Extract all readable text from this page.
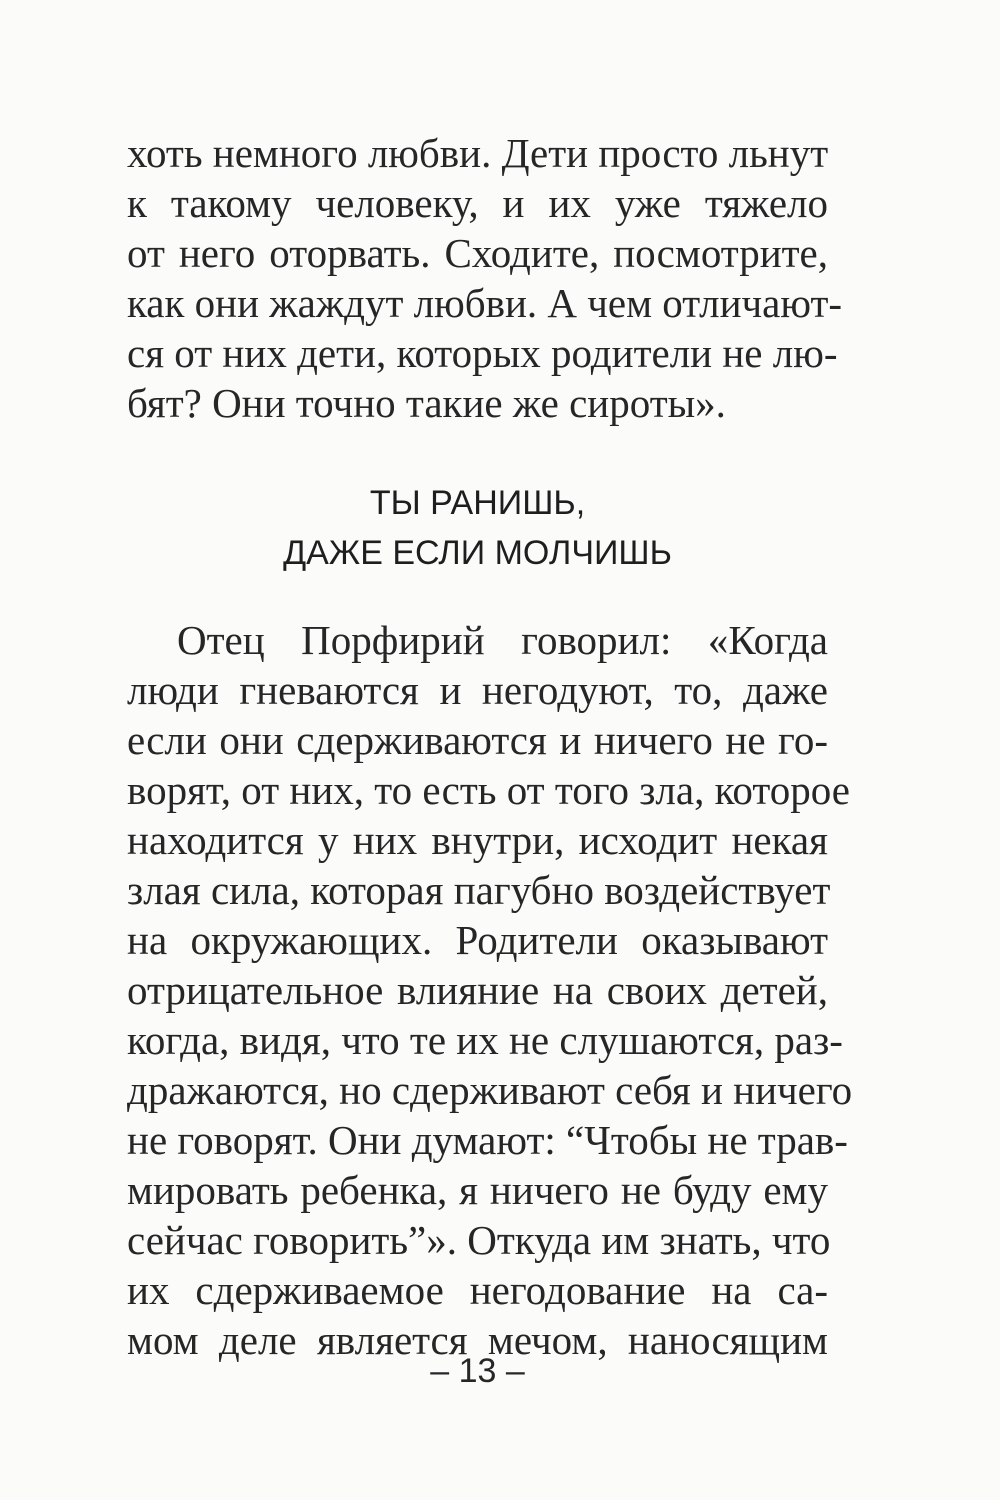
хоть немного любви. Дети просто льнут
к такому человеку, и их уже тяжело
от него оторвать. Сходите, посмотрите,
как они жаждут любви. А чем отличают-
ся от них дети, которых родители не лю-
бят? Они точно такие же сироты».
ТЫ РАНИШЬ,
ДАЖЕ ЕСЛИ МОЛЧИШЬ
Отец Порфирий говорил: «Когда
люди гневаются и негодуют, то, даже
если они сдерживаются и ничего не го-
ворят, от них, то есть от того зла, которое
находится у них внутри, исходит некая
злая сила, которая пагубно воздействует
на окружающих. Родители оказывают
отрицательное влияние на своих детей,
когда, видя, что те их не слушаются, раз-
дражаются, но сдерживают себя и ничего
не говорят. Они думают: “Чтобы не трав-
мировать ребенка, я ничего не буду ему
сейчас говорить”». Откуда им знать, что
их сдерживаемое негодование на са-
мом деле является мечом, наносящим
– 13 –
